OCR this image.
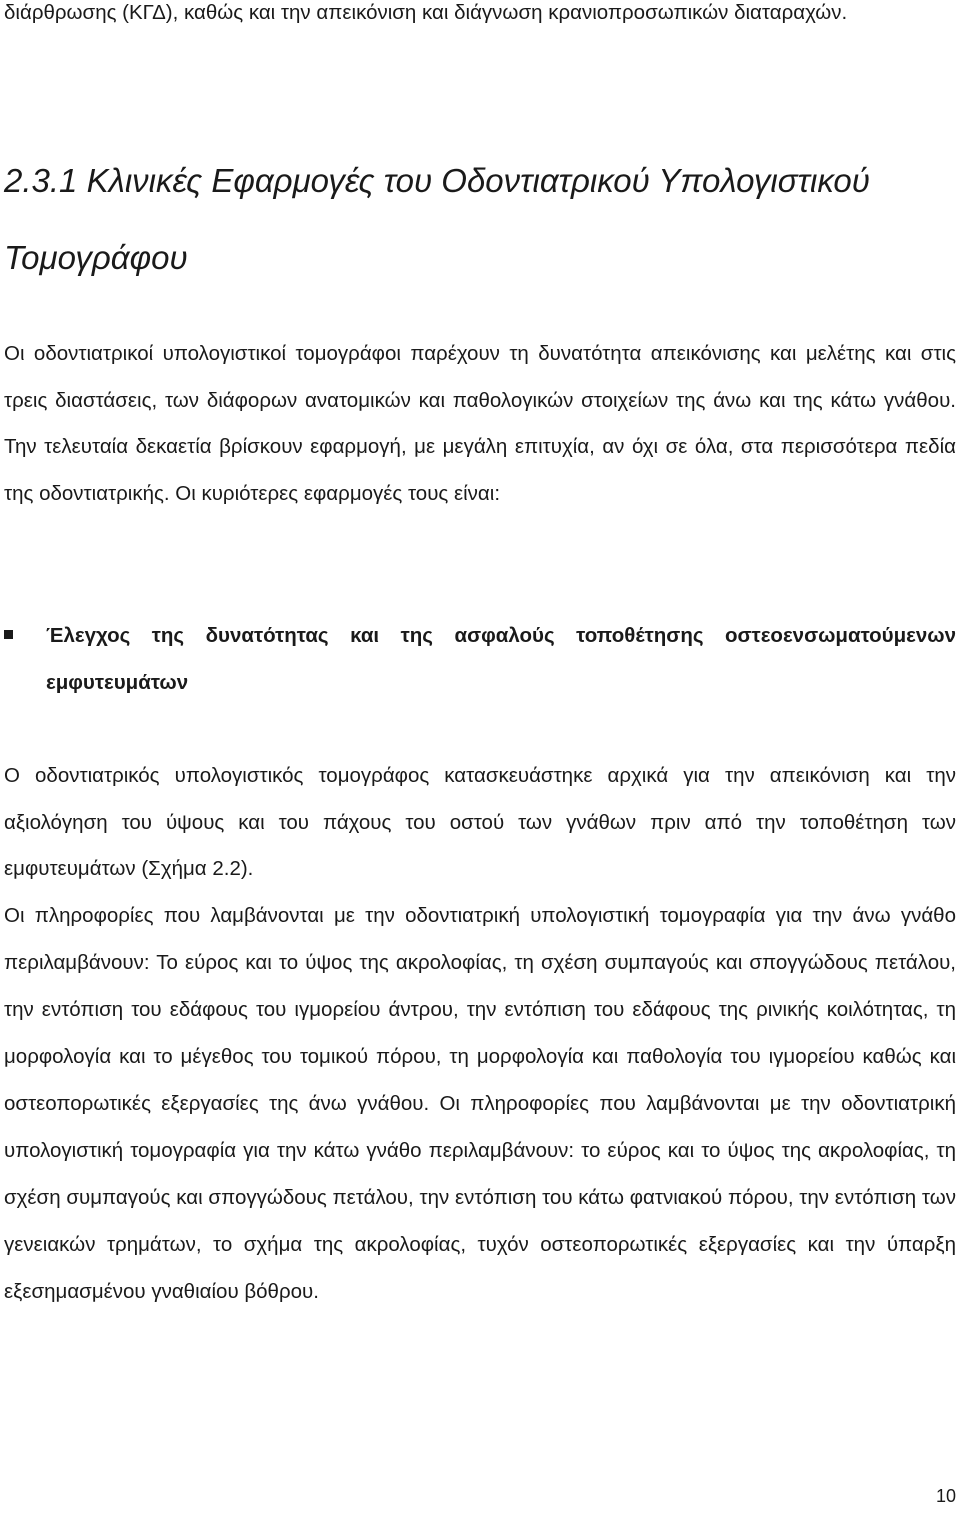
διάρθρωσης (ΚΓΔ), καθώς και την απεικόνιση και διάγνωση κρανιοπροσωπικών διαταραχών.

2.3.1 Κλινικές Εφαρμογές του Οδοντιατρικού Υπολογιστικού Τομογράφου

Οι οδοντιατρικοί υπολογιστικοί τομογράφοι παρέχουν τη δυνατότητα απεικόνισης και μελέτης και στις τρεις διαστάσεις, των διάφορων ανατομικών και παθολογικών στοιχείων της άνω και της κάτω γνάθου. Την τελευταία δεκαετία βρίσκουν εφαρμογή, με μεγάλη επιτυχία, αν όχι σε όλα, στα περισσότερα πεδία της οδοντιατρικής. Οι κυριότερες εφαρμογές τους είναι:

Έλεγχος της δυνατότητας και της ασφαλούς τοποθέτησης οστεοενσωματούμενων εμφυτευμάτων

Ο οδοντιατρικός υπολογιστικός τομογράφος κατασκευάστηκε αρχικά για την απεικόνιση και την αξιολόγηση του ύψους και του πάχους του οστού των γνάθων πριν από την τοποθέτηση των εμφυτευμάτων (Σχήμα 2.2).

Οι πληροφορίες που λαμβάνονται με την οδοντιατρική υπολογιστική τομογραφία για την άνω γνάθο περιλαμβάνουν: Το εύρος και το ύψος της ακρολοφίας, τη σχέση συμπαγούς και σπογγώδους πετάλου, την εντόπιση του εδάφους του ιγμορείου άντρου, την εντόπιση του εδάφους της ρινικής κοιλότητας, τη μορφολογία και το μέγεθος του τομικού πόρου, τη μορφολογία και παθολογία του ιγμορείου καθώς και οστεοπορωτικές εξεργασίες της άνω γνάθου. Οι πληροφορίες που λαμβάνονται με την οδοντιατρική υπολογιστική τομογραφία για την κάτω γνάθο περιλαμβάνουν: το εύρος και το ύψος της ακρολοφίας, τη σχέση συμπαγούς και σπογγώδους πετάλου, την εντόπιση του κάτω φατνιακού πόρου, την εντόπιση των γενειακών τρημάτων, το σχήμα της ακρολοφίας, τυχόν οστεοπορωτικές εξεργασίες και την ύπαρξη εξεσημασμένου γναθιαίου βόθρου.

10
